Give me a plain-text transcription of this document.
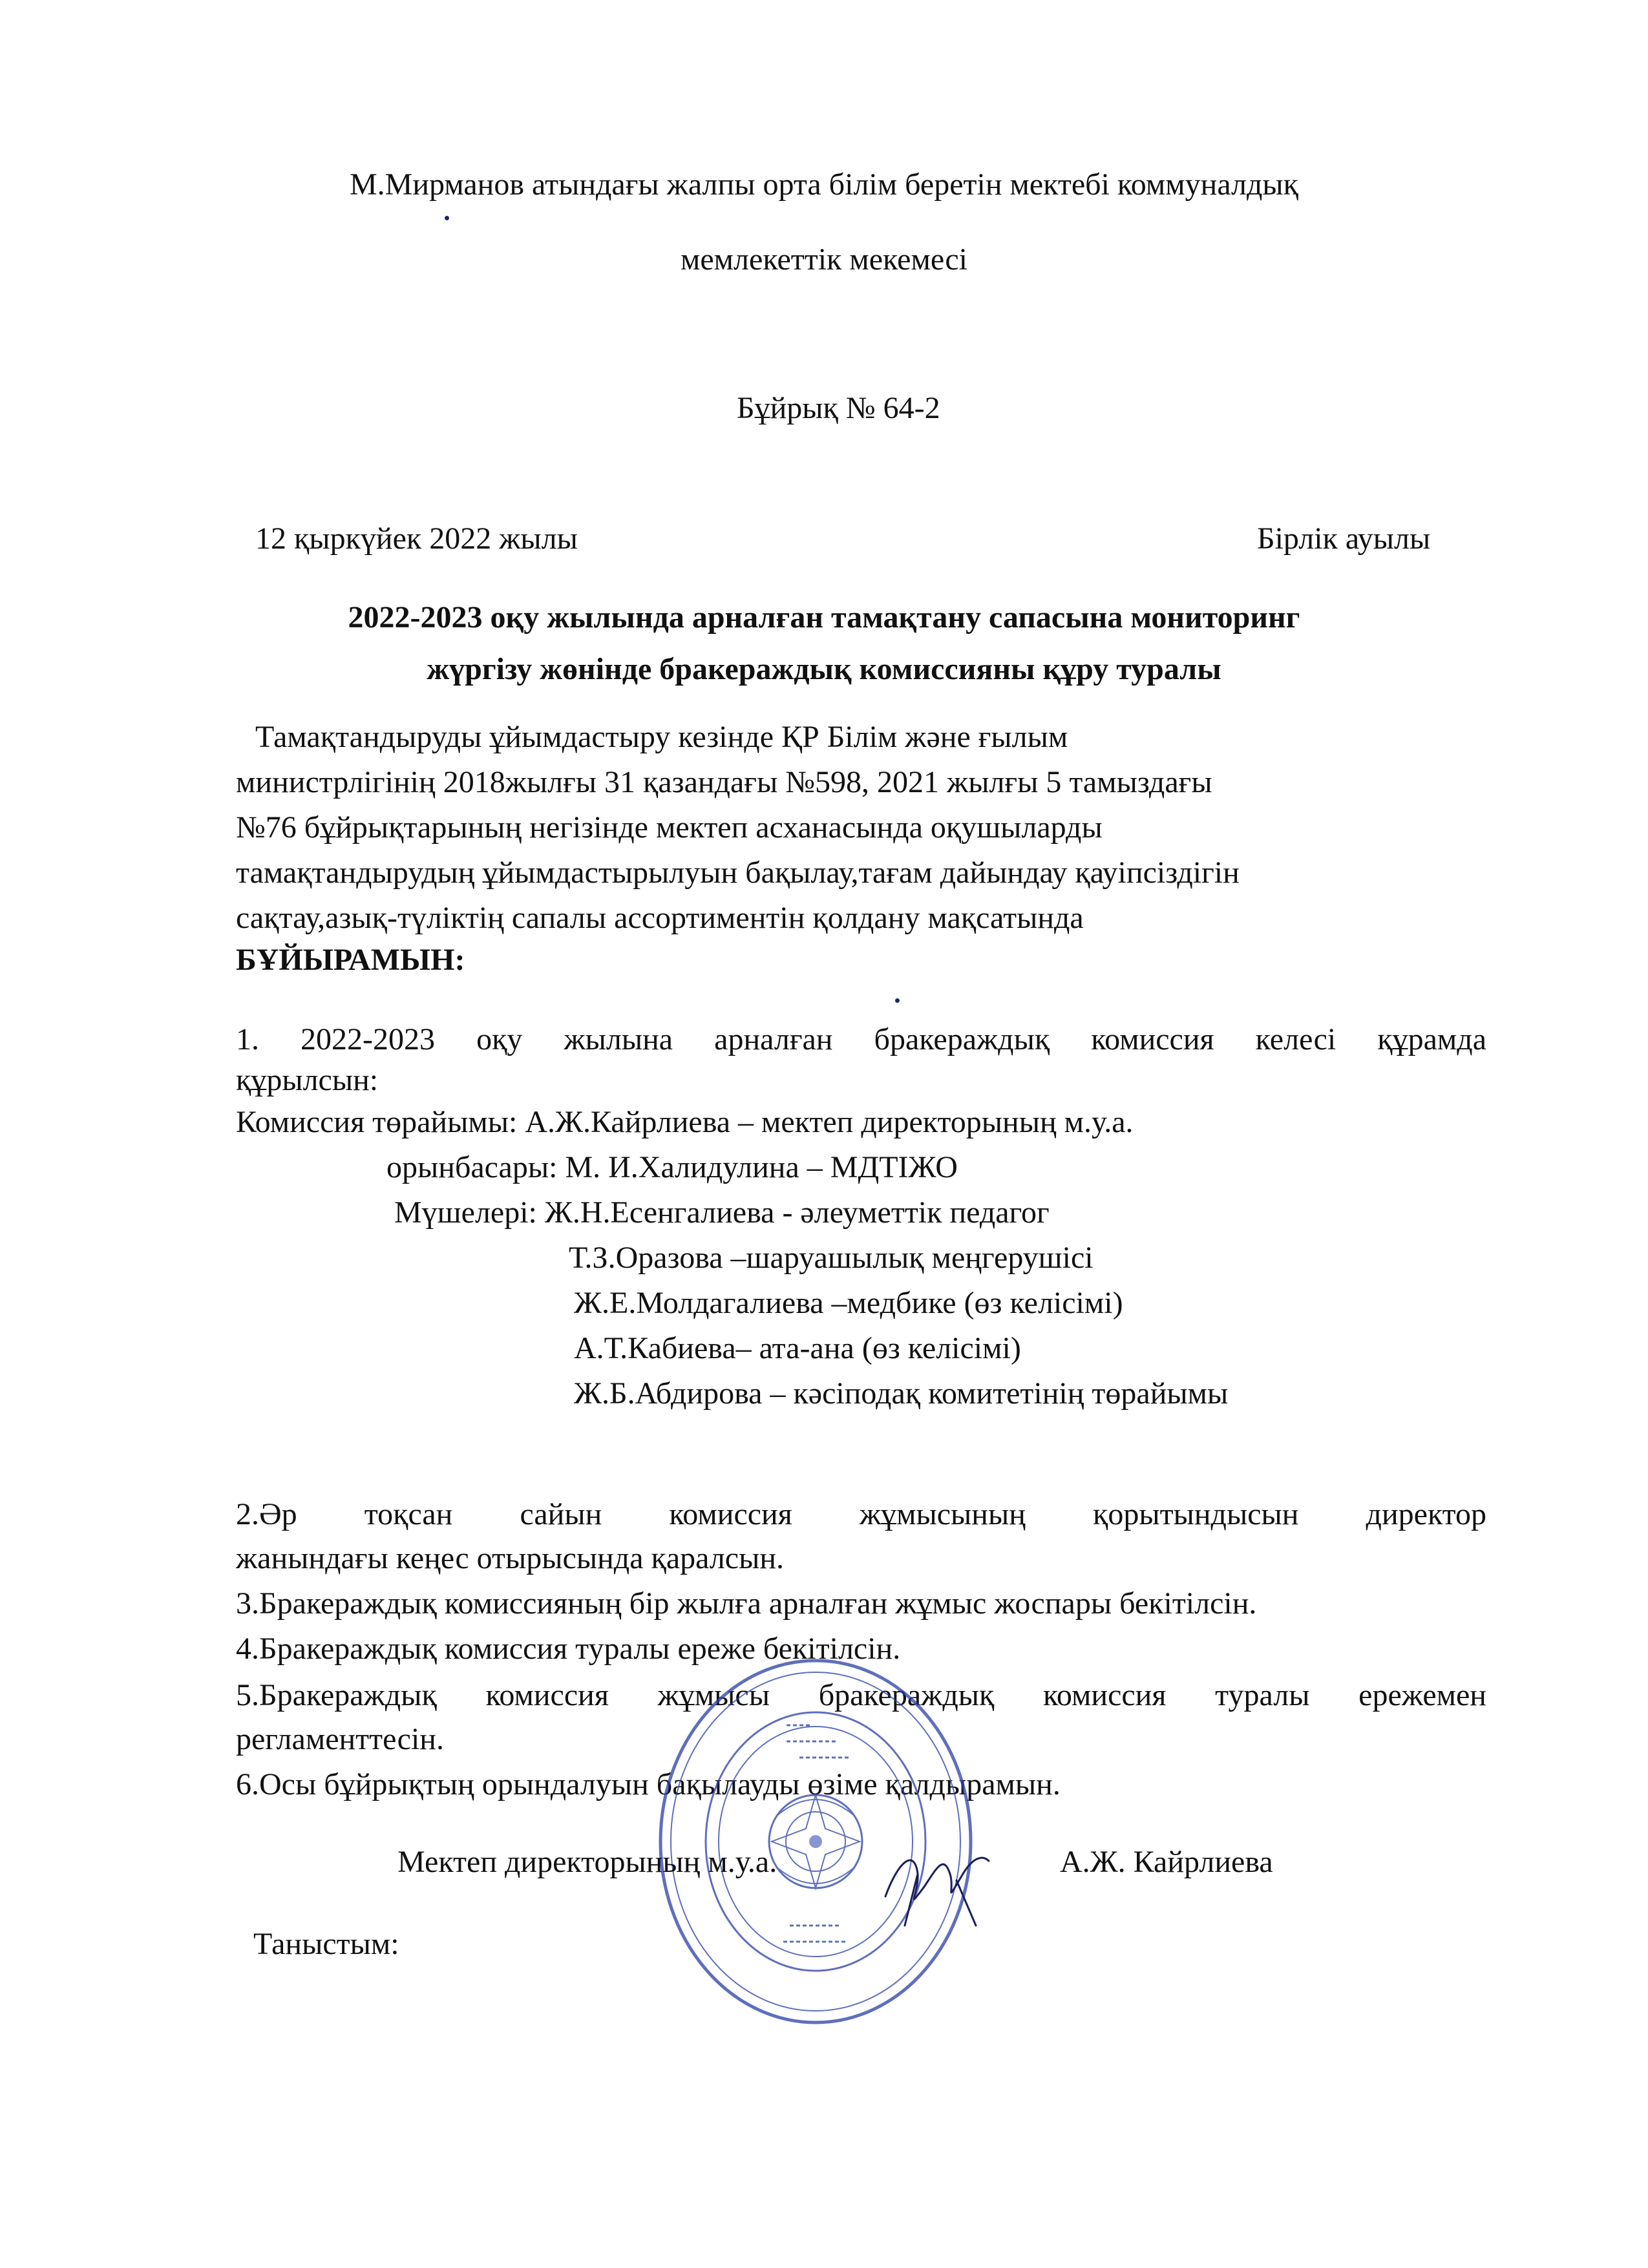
М.Мирманов атындағы жалпы орта білім беретін мектебі коммуналдық
мемлекеттік мекемесі
Бұйрық № 64-2
12 қыркүйек 2022 жылы	Бірлік ауылы
2022-2023 оқу жылында арналған тамақтану сапасына мониторинг
жүргізу жөнінде бракераждық комиссияны құру туралы
Тамақтандыруды ұйымдастыру кезінде ҚР Білім және ғылым
министрлігінің 2018жылғы 31 қазандағы №598, 2021 жылғы 5 тамыздағы
№76 бұйрықтарының негізінде мектеп асханасында оқушыларды
тамақтандырудың ұйымдастырылуын бақылау,тағам дайындау қауіпсіздігін
сақтау,азық-түліктің сапалы ассортиментін қолдану мақсатында
БҰЙЫРАМЫН:
1. 2022-2023 оқу жылына арналған бракераждық комиссия келесі құрамда
құрылсын:
Комиссия төрайымы: А.Ж.Кайрлиева – мектеп директорының м.у.а.
орынбасары: М. И.Халидулина – МДТІЖО
Мүшелері: Ж.Н.Есенгалиева - әлеуметтік педагог
Т.З.Оразова –шаруашылық меңгерушісі
Ж.Е.Молдагалиева –медбике (өз келісімі)
А.Т.Кабиева– ата-ана (өз келісімі)
Ж.Б.Абдирова – кәсіподақ комитетінің төрайымы
2.Әр тоқсан сайын комиссия жұмысының қорытындысын директор
жанындағы кеңес отырысында қаралсын.
3.Бракераждық комиссияның бір жылға арналған жұмыс жоспары бекітілсін.
4.Бракераждық комиссия туралы ереже бекітілсін.
5.Бракераждық комиссия жұмысы бракераждық комиссия туралы ережемен
регламенттесін.
6.Осы бұйрықтың орындалуын бақылауды өзіме қалдырамын.
Мектеп директорының м.у.а.	А.Ж. Кайрлиева
Таныстым:
